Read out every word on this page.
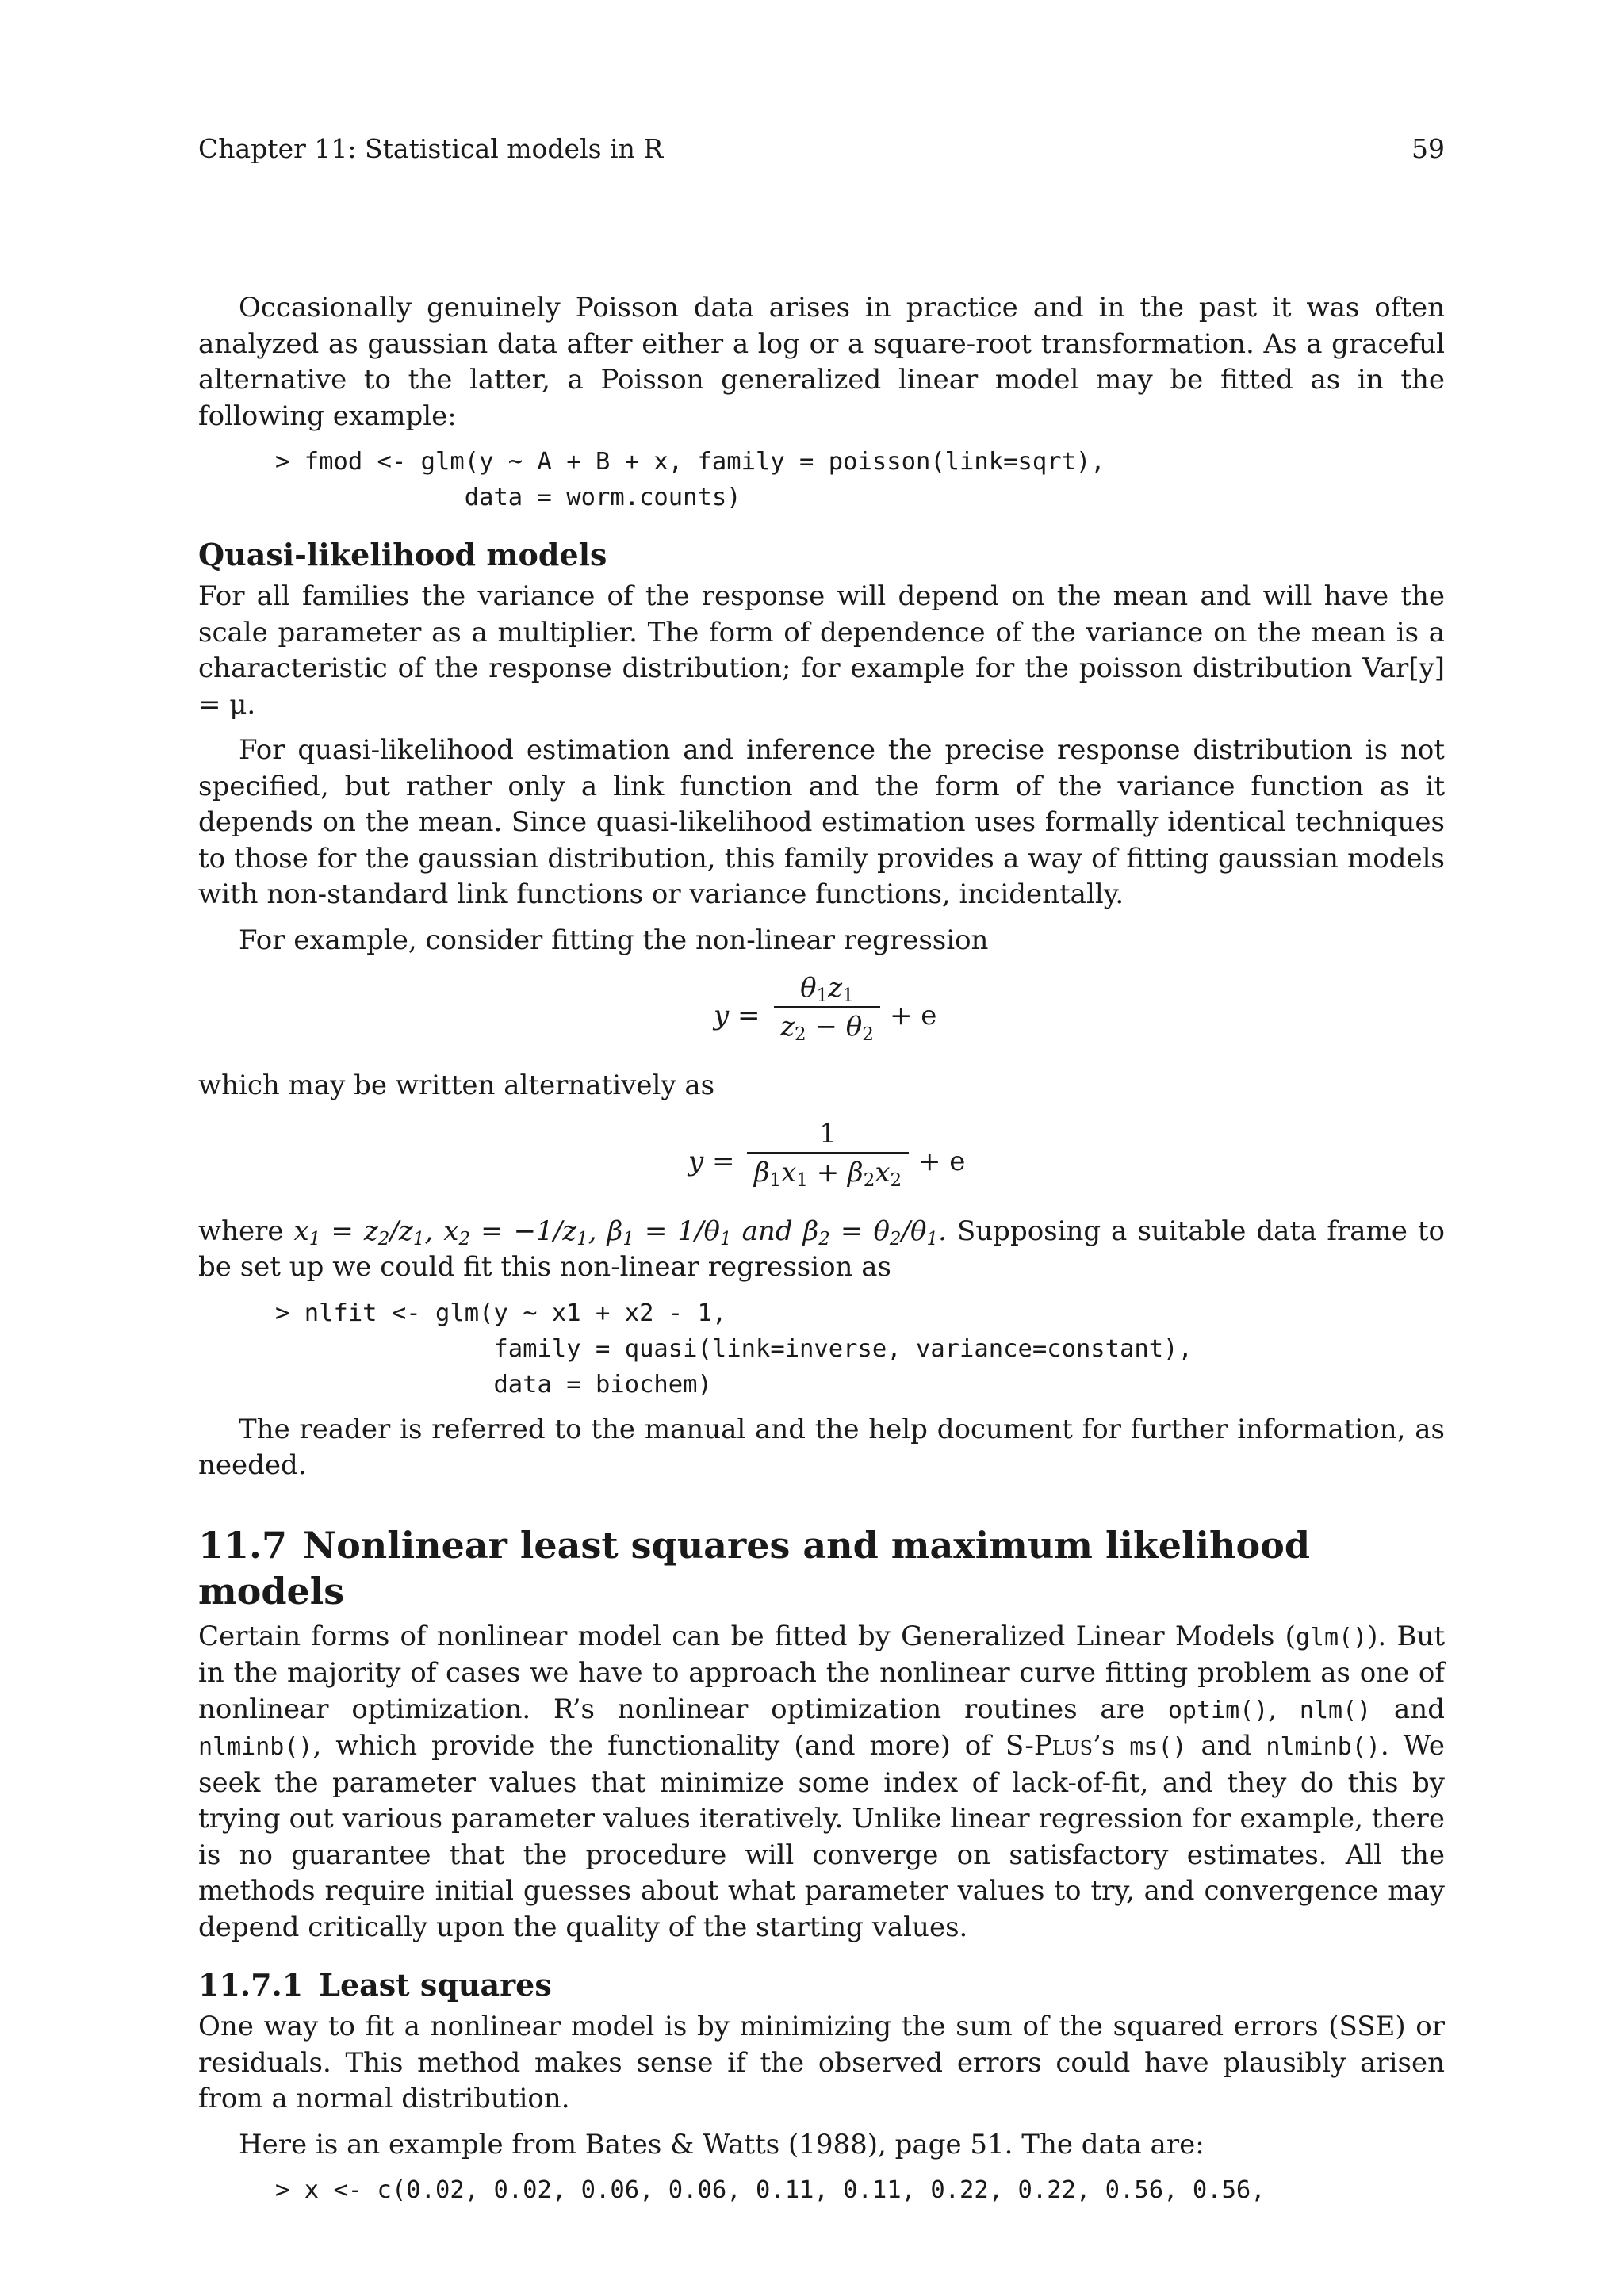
Chapter 11: Statistical models in R	59

Occasionally genuinely Poisson data arises in practice and in the past it was often analyzed as gaussian data after either a log or a square-root transformation. As a graceful alternative to the latter, a Poisson generalized linear model may be fitted as in the following example:

> fmod <- glm(y ~ A + B + x, family = poisson(link=sqrt),
data = worm.counts)
Quasi-likelihood models

For all families the variance of the response will depend on the mean and will have the scale parameter as a multiplier. The form of dependence of the variance on the mean is a characteristic of the response distribution; for example for the poisson distribution Var[y] = μ.

For quasi-likelihood estimation and inference the precise response distribution is not specified, but rather only a link function and the form of the variance function as it depends on the mean. Since quasi-likelihood estimation uses formally identical techniques to those for the gaussian distribution, this family provides a way of fitting gaussian models with non-standard link functions or variance functions, incidentally.

For example, consider fitting the non-linear regression

y =
$\theta_1z_1$
$z_2 - \theta_2$
+ e

which may be written alternatively as

y =
1
$\beta_1x_1 + \beta_2x_2$
+ e

where $x_1 = z_2/z_1$, $x_2 = -1/z_1$, $\beta_1 = 1/\theta_1$ and $\beta_2 = \theta_2/\theta_1$. Supposing a suitable data frame to be set up we could fit this non-linear regression as

> nlfit <- glm(y ~ x1 + x2 - 1,
family = quasi(link=inverse, variance=constant),
data = biochem)

The reader is referred to the manual and the help document for further information, as needed.

11.7 Nonlinear least squares and maximum likelihood models

Certain forms of nonlinear model can be fitted by Generalized Linear Models (glm()). But in the majority of cases we have to approach the nonlinear curve fitting problem as one of nonlinear optimization. R’s nonlinear optimization routines are optim(), nlm() and nlminb(), which provide the functionality (and more) of S-Plus’s ms() and nlminb(). We seek the parameter values that minimize some index of lack-of-fit, and they do this by trying out various parameter values iteratively. Unlike linear regression for example, there is no guarantee that the procedure will converge on satisfactory estimates. All the methods require initial guesses about what parameter values to try, and convergence may depend critically upon the quality of the starting values.

11.7.1 Least squares

One way to fit a nonlinear model is by minimizing the sum of the squared errors (SSE) or residuals. This method makes sense if the observed errors could have plausibly arisen from a normal distribution.

Here is an example from Bates & Watts (1988), page 51. The data are:

> x <- c(0.02, 0.02, 0.06, 0.06, 0.11, 0.11, 0.22, 0.22, 0.56, 0.56,
